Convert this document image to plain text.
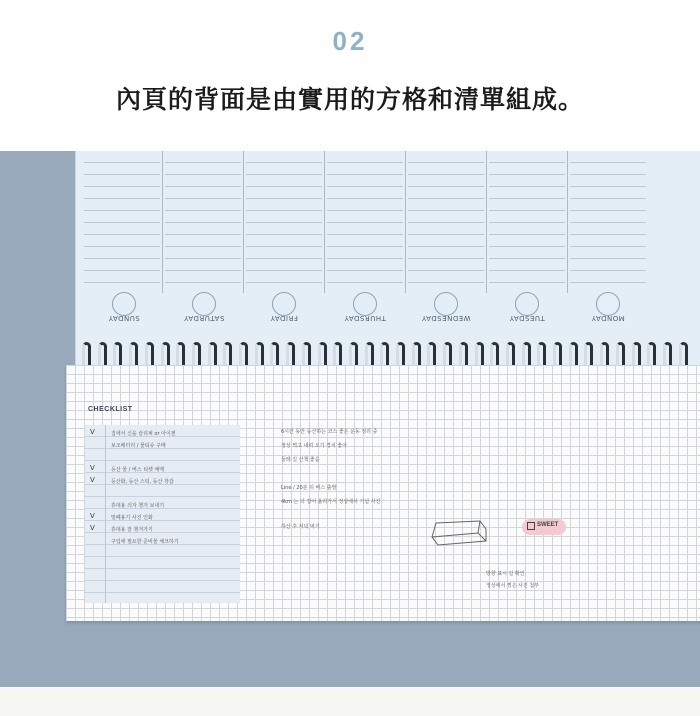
02
內頁的背面是由實用的方格和清單組成。
SUNDAY	SATURDAY	FRIDAY	THURSDAY	WEDNESDAY	TUESDAY	MONDAY
CHECKLIST
V	집에서 신을 슬리퍼 or 아이젠
보조배터리 / 물티슈 구매
V	등산 물 / 버스 티켓 예매
V	등산화, 등산 스틱, 등산 장갑
휴대용 의자 챙겨 보내기
V	밀폐용기 사진 인화
V	휴대용 잘 챙겨가기
구입에 필요한 준비물 체크하기
6시간 동안 등산하는 코스 좋은 운동 정리 중
정상 찍고 내려 오기 경치 좋아
둘레 길 산책 좋음
Line / 20분 뒤 버스 출발
4km 는 더 걸어 올라가서 정상에서 기념 사진
하산 후 저녁 먹기	SWEET
방향 표시 길 확인
정상에서 찍은 사진 첨부
